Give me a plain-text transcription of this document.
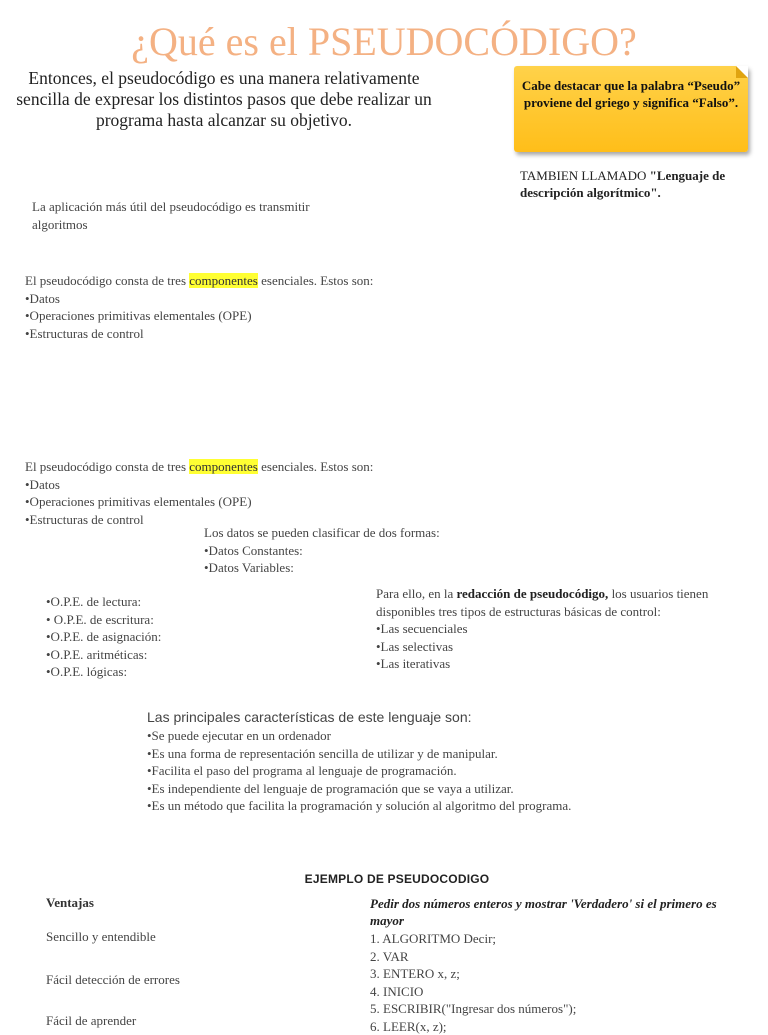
¿Qué es el PSEUDOCÓDIGO?
Entonces, el pseudocódigo es una manera relativamente sencilla de expresar los distintos pasos que debe realizar un programa hasta alcanzar su objetivo.
Cabe destacar que la palabra “Pseudo” proviene del griego y significa “Falso”.
TAMBIEN LLAMADO "Lenguaje de descripción algorítmico".
La aplicación más útil del pseudocódigo es transmitir algoritmos
El pseudocódigo consta de tres componentes esenciales. Estos son:
•Datos
•Operaciones primitivas elementales (OPE)
•Estructuras de control
El pseudocódigo consta de tres componentes esenciales. Estos son:
•Datos
•Operaciones primitivas elementales (OPE)
•Estructuras de control
Los datos se pueden clasificar de dos formas:
•Datos Constantes:
•Datos Variables:
•O.P.E. de lectura:
• O.P.E. de escritura:
•O.P.E. de asignación:
•O.P.E. aritméticas:
•O.P.E. lógicas:
Para ello, en la redacción de pseudocódigo, los usuarios tienen disponibles tres tipos de estructuras básicas de control:
•Las secuenciales
•Las selectivas
•Las iterativas
Las principales características de este lenguaje son:
•Se puede ejecutar en un ordenador
•Es una forma de representación sencilla de utilizar y de manipular.
•Facilita el paso del programa al lenguaje de programación.
•Es independiente del lenguaje de programación que se vaya a utilizar.
•Es un método que facilita la programación y solución al algoritmo del programa.
EJEMPLO DE PSEUDOCODIGO
Ventajas
Sencillo y entendible
Fácil detección de errores
Fácil de aprender
Pedir dos números enteros y mostrar 'Verdadero' si el primero es mayor
1. ALGORITMO Decir;
2. VAR
3. ENTERO x, z;
4. INICIO
5. ESCRIBIR("Ingresar dos números");
6. LEER(x, z);
